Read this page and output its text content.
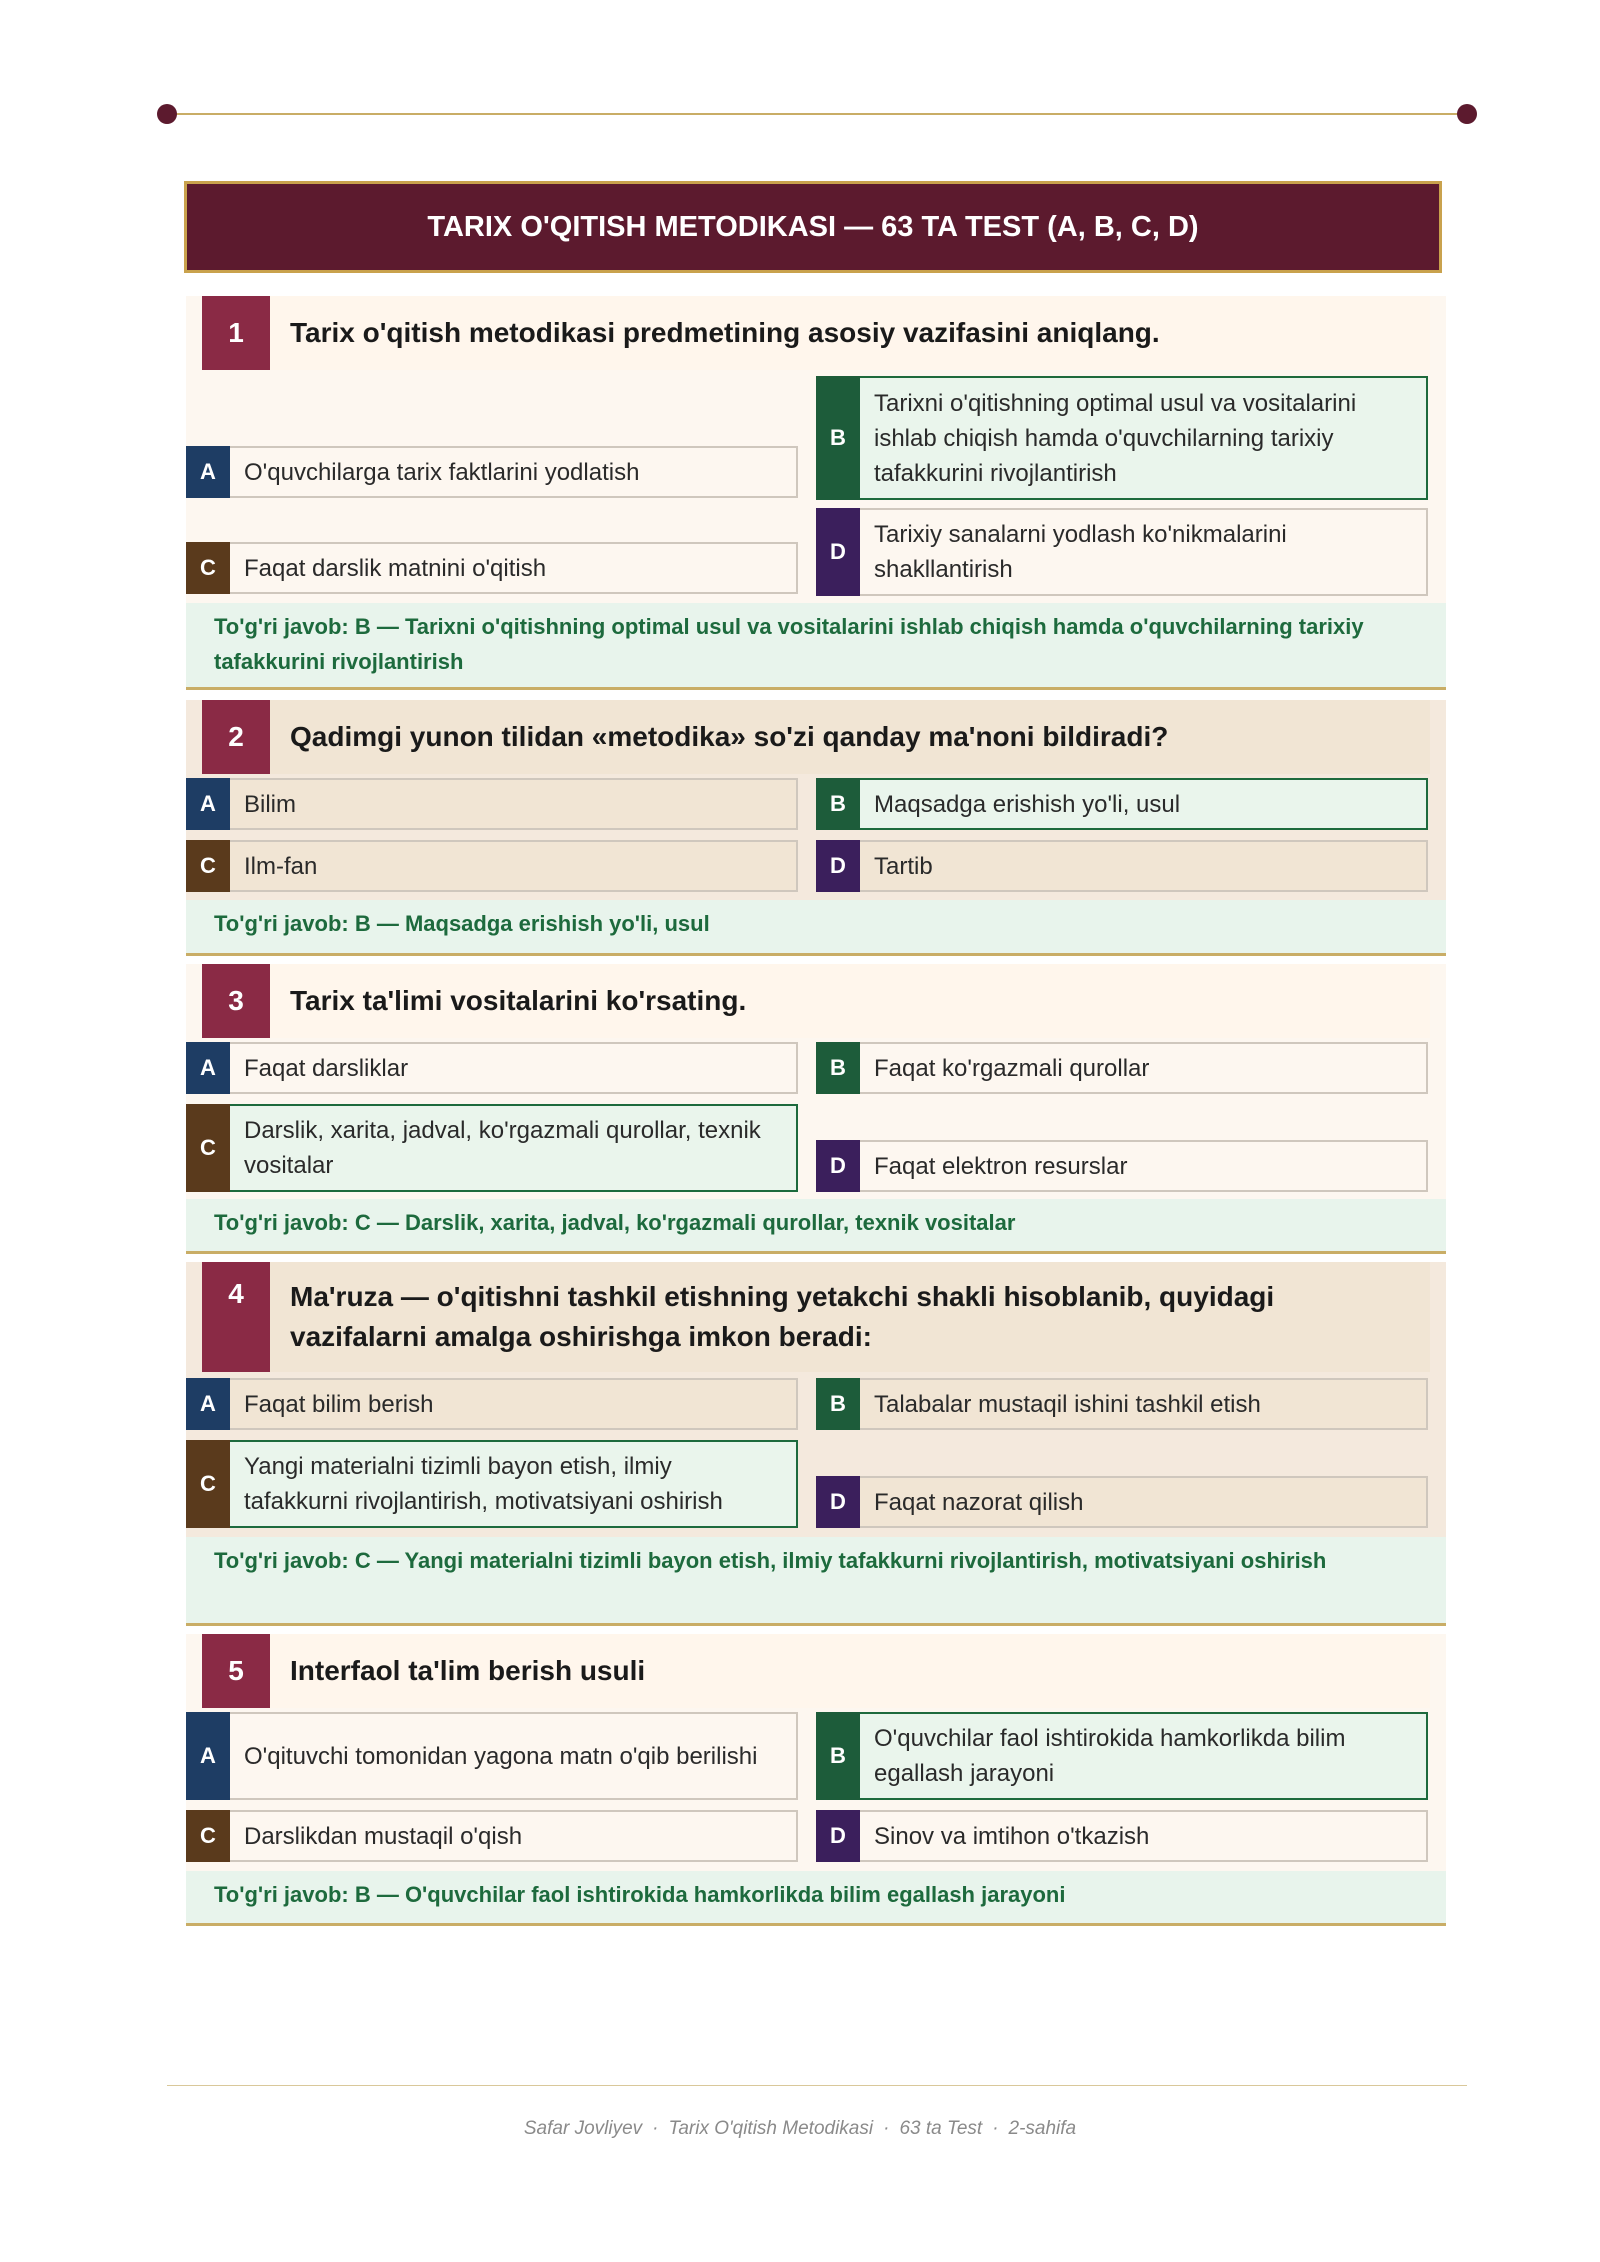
TARIX O'QITISH METODIKASI — 63 TA TEST (A, B, C, D)
1	Tarix o'qitish metodikasi predmetining asosiy vazifasini aniqlang.
A	O'quvchilarga tarix faktlarini yodlatish
B
Tarixni o'qitishning optimal usul va vositalarini ishlab chiqish hamda o'quvchilarning tarixiy tafakkurini rivojlantirish
C	Faqat darslik matnini o'qitish
D
Tarixiy sanalarni yodlash ko'nikmalarini shakllantirish
To'g'ri javob: B — Tarixni o'qitishning optimal usul va vositalarini ishlab chiqish hamda o'quvchilarning tarixiy tafakkurini rivojlantirish
2	Qadimgi yunon tilidan «metodika» so'zi qanday ma'noni bildiradi?
A	Bilim	B	Maqsadga erishish yo'li, usul
C	Ilm-fan	D	Tartib
To'g'ri javob: B — Maqsadga erishish yo'li, usul
3	Tarix ta'limi vositalarini ko'rsating.
A	Faqat darsliklar	B	Faqat ko'rgazmali qurollar
C
Darslik, xarita, jadval, ko'rgazmali qurollar, texnik vositalar	D	Faqat elektron resurslar
To'g'ri javob: C — Darslik, xarita, jadval, ko'rgazmali qurollar, texnik vositalar
4	Ma'ruza — o'qitishni tashkil etishning yetakchi shakli hisoblanib, quyidagi vazifalarni amalga oshirishga imkon beradi:
A	Faqat bilim berish	B	Talabalar mustaqil ishini tashkil etish
C
Yangi materialni tizimli bayon etish, ilmiy tafakkurni rivojlantirish, motivatsiyani oshirish	D	Faqat nazorat qilish
To'g'ri javob: C — Yangi materialni tizimli bayon etish, ilmiy tafakkurni rivojlantirish, motivatsiyani oshirish
5	Interfaol ta'lim berish usuli
A	O'qituvchi tomonidan yagona matn o'qib berilishi	B
O'quvchilar faol ishtirokida hamkorlikda bilim egallash jarayoni
C	Darslikdan mustaqil o'qish	D	Sinov va imtihon o'tkazish
To'g'ri javob: B — O'quvchilar faol ishtirokida hamkorlikda bilim egallash jarayoni
Safar Jovliyev · Tarix O'qitish Metodikasi · 63 ta Test · 2-sahifa
